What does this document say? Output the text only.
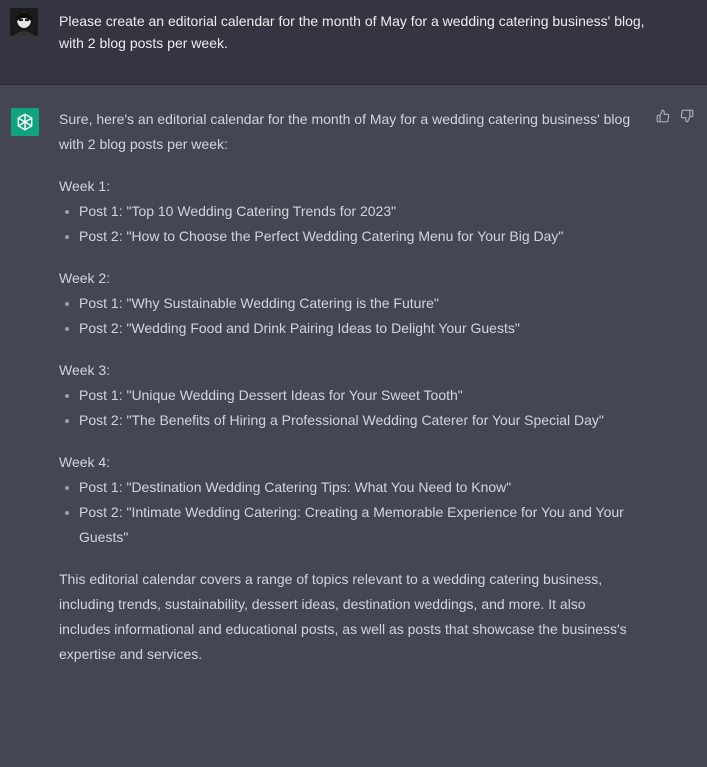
Please create an editorial calendar for the month of May for a wedding catering business' blog, with 2 blog posts per week.

Sure, here's an editorial calendar for the month of May for a wedding catering business' blog with 2 blog posts per week:

Week 1:

Post 1: "Top 10 Wedding Catering Trends for 2023"
Post 2: "How to Choose the Perfect Wedding Catering Menu for Your Big Day"

Week 2:

Post 1: "Why Sustainable Wedding Catering is the Future"
Post 2: "Wedding Food and Drink Pairing Ideas to Delight Your Guests"

Week 3:

Post 1: "Unique Wedding Dessert Ideas for Your Sweet Tooth"
Post 2: "The Benefits of Hiring a Professional Wedding Caterer for Your Special Day"

Week 4:

Post 1: "Destination Wedding Catering Tips: What You Need to Know"
Post 2: "Intimate Wedding Catering: Creating a Memorable Experience for You and Your Guests"

This editorial calendar covers a range of topics relevant to a wedding catering business, including trends, sustainability, dessert ideas, destination weddings, and more. It also includes informational and educational posts, as well as posts that showcase the business's expertise and services.
